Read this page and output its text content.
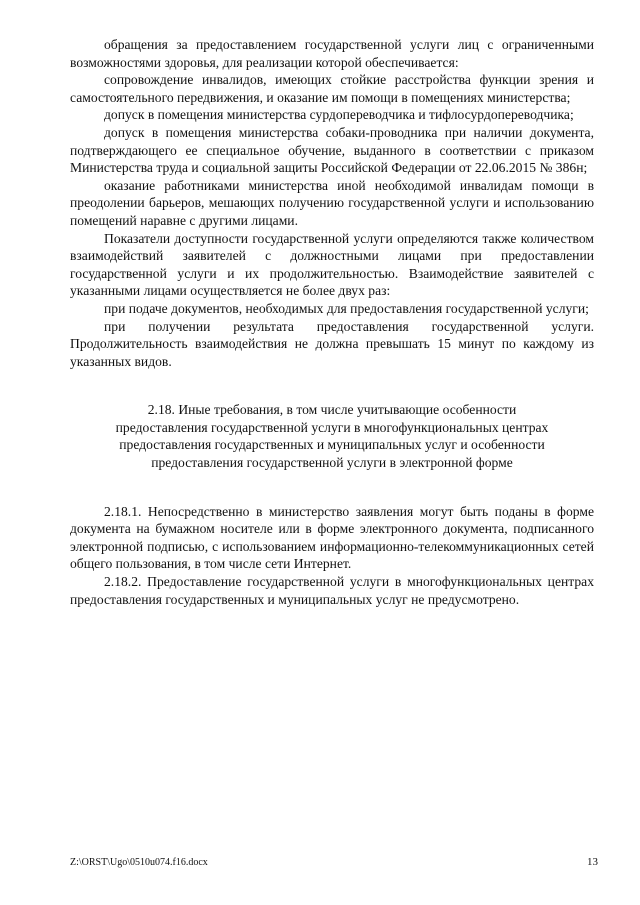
обращения за предоставлением государственной услуги лиц с ограниченными возможностями здоровья, для реализации которой обеспечивается:

сопровождение инвалидов, имеющих стойкие расстройства функции зрения и самостоятельного передвижения, и оказание им помощи в помещениях министерства;

допуск в помещения министерства сурдопереводчика и тифлосурдопереводчика;

допуск в помещения министерства собаки-проводника при наличии документа, подтверждающего ее специальное обучение, выданного в соответствии с приказом Министерства труда и социальной защиты Российской Федерации от 22.06.2015 № 386н;

оказание работниками министерства иной необходимой инвалидам помощи в преодолении барьеров, мешающих получению государственной услуги и использованию помещений наравне с другими лицами.

Показатели доступности государственной услуги определяются также количеством взаимодействий заявителей с должностными лицами при предоставлении государственной услуги и их продолжительностью. Взаимодействие заявителей с указанными лицами осуществляется не более двух раз:

при подаче документов, необходимых для предоставления государственной услуги;

при получении результата предоставления государственной услуги. Продолжительность взаимодействия не должна превышать 15 минут по каждому из указанных видов.

2.18. Иные требования, в том числе учитывающие особенности
предоставления государственной услуги в многофункциональных центрах
предоставления государственных и муниципальных услуг и особенности
предоставления государственной услуги в электронной форме

2.18.1. Непосредственно в министерство заявления могут быть поданы в форме документа на бумажном носителе или в форме электронного документа, подписанного электронной подписью, с использованием информационно-телекоммуникационных сетей общего пользования, в том числе сети Интернет.

2.18.2. Предоставление государственной услуги в многофункциональных центрах предоставления государственных и муниципальных услуг не предусмотрено.

Z:\ORST\Ugo\0510u074.f16.docx	13
